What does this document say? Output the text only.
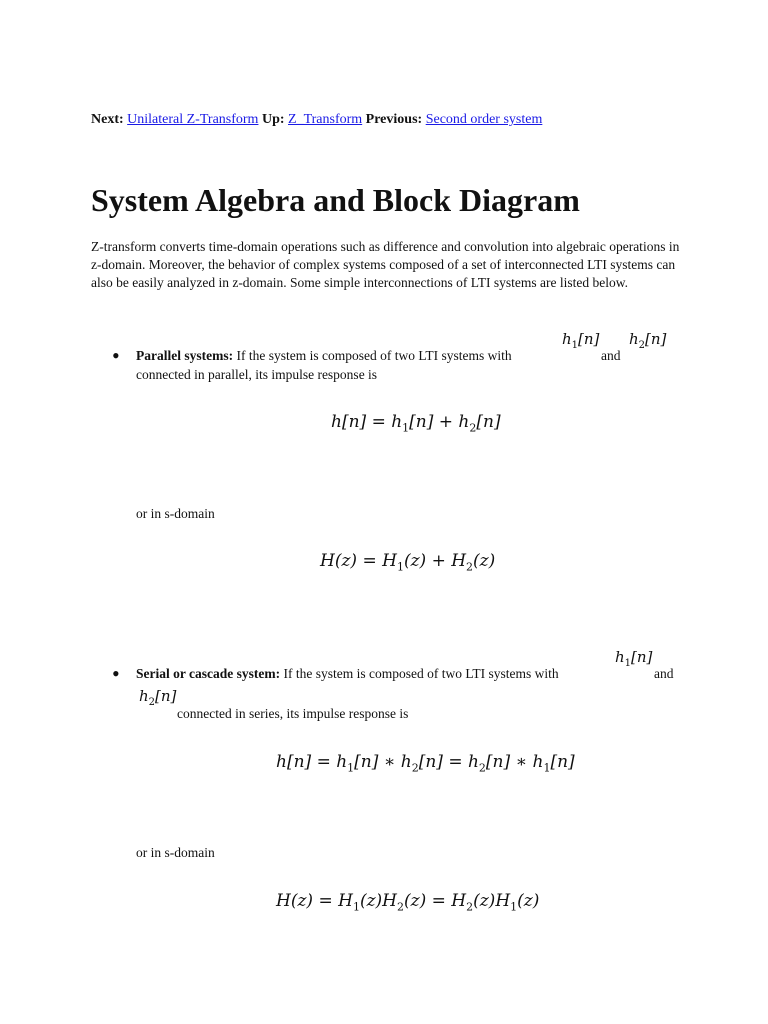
Next: Unilateral Z-Transform Up: Z_Transform Previous: Second order system
System Algebra and Block Diagram

Z-transform converts time-domain operations such as difference and convolution into algebraic operations in z-domain. Moreover, the behavior of complex systems composed of a set of interconnected LTI systems can also be easily analyzed in z-domain. Some simple interconnections of LTI systems are listed below.

$h_1[n]$ $h_2[n]$
• Parallel systems: If the system is composed of two LTI systems with	and
connected in parallel, its impulse response is
$h[n] = h_1[n] + h_2[n]$
or in s-domain
$H(z) = H_1(z) + H_2(z)$
$h_1[n]$
• Serial or cascade system: If the system is composed of two LTI systems with	and
$h_2[n]$
connected in series, its impulse response is
$h[n] = h_1[n]$ ∗ $h_2[n] = h_2[n]$ ∗ $h_1[n]$
or in s-domain
$H(z) = H_1(z)H_2(z) = H_2(z)H_1(z)$
